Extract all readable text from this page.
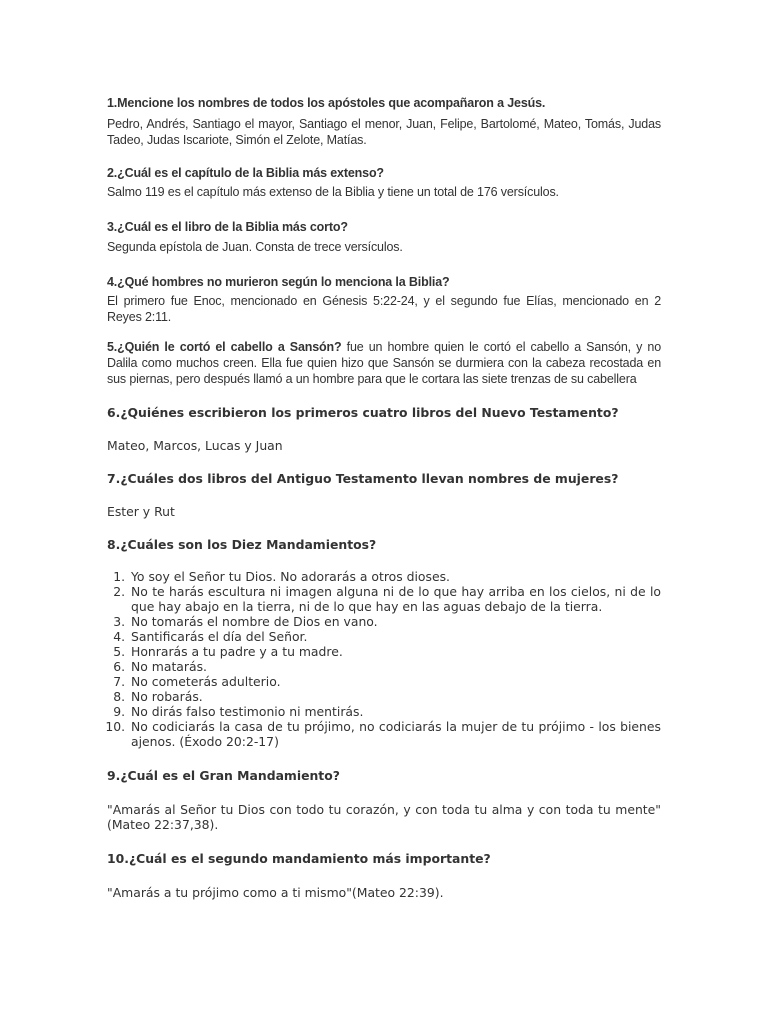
1.Mencione los nombres de todos los apóstoles que acompañaron a Jesús.

Pedro, Andrés, Santiago el mayor, Santiago el menor, Juan, Felipe, Bartolomé, Mateo, Tomás, Judas Tadeo, Judas Iscariote, Simón el Zelote, Matías.

2.¿Cuál es el capítulo de la Biblia más extenso?

Salmo 119 es el capítulo más extenso de la Biblia y tiene un total de 176 versículos.

3.¿Cuál es el libro de la Biblia más corto?

Segunda epístola de Juan. Consta de trece versículos.

4.¿Qué hombres no murieron según lo menciona la Biblia?

El primero fue Enoc, mencionado en Génesis 5:22-24, y el segundo fue Elías, mencionado en 2 Reyes 2:11.

5.¿Quién le cortó el cabello a Sansón? fue un hombre quien le cortó el cabello a Sansón, y no Dalila como muchos creen. Ella fue quien hizo que Sansón se durmiera con la cabeza recostada en sus piernas, pero después llamó a un hombre para que le cortara las siete trenzas de su cabellera

6.¿Quiénes escribieron los primeros cuatro libros del Nuevo Testamento?

Mateo, Marcos, Lucas y Juan

7.¿Cuáles dos libros del Antiguo Testamento llevan nombres de mujeres?

Ester y Rut

8.¿Cuáles son los Diez Mandamientos?

1. Yo soy el Señor tu Dios. No adorarás a otros dioses.
2. No te harás escultura ni imagen alguna ni de lo que hay arriba en los cielos, ni de lo que hay abajo en la tierra, ni de lo que hay en las aguas debajo de la tierra.
3. No tomarás el nombre de Dios en vano.
4. Santificarás el día del Señor.
5. Honrarás a tu padre y a tu madre.
6. No matarás.
7. No cometerás adulterio.
8. No robarás.
9. No dirás falso testimonio ni mentirás.
10. No codiciarás la casa de tu prójimo, no codiciarás la mujer de tu prójimo - los bienes ajenos. (Éxodo 20:2-17)

9.¿Cuál es el Gran Mandamiento?

"Amarás al Señor tu Dios con todo tu corazón, y con toda tu alma y con toda tu mente" (Mateo 22:37,38).

10.¿Cuál es el segundo mandamiento más importante?

"Amarás a tu prójimo como a ti mismo"(Mateo 22:39).
